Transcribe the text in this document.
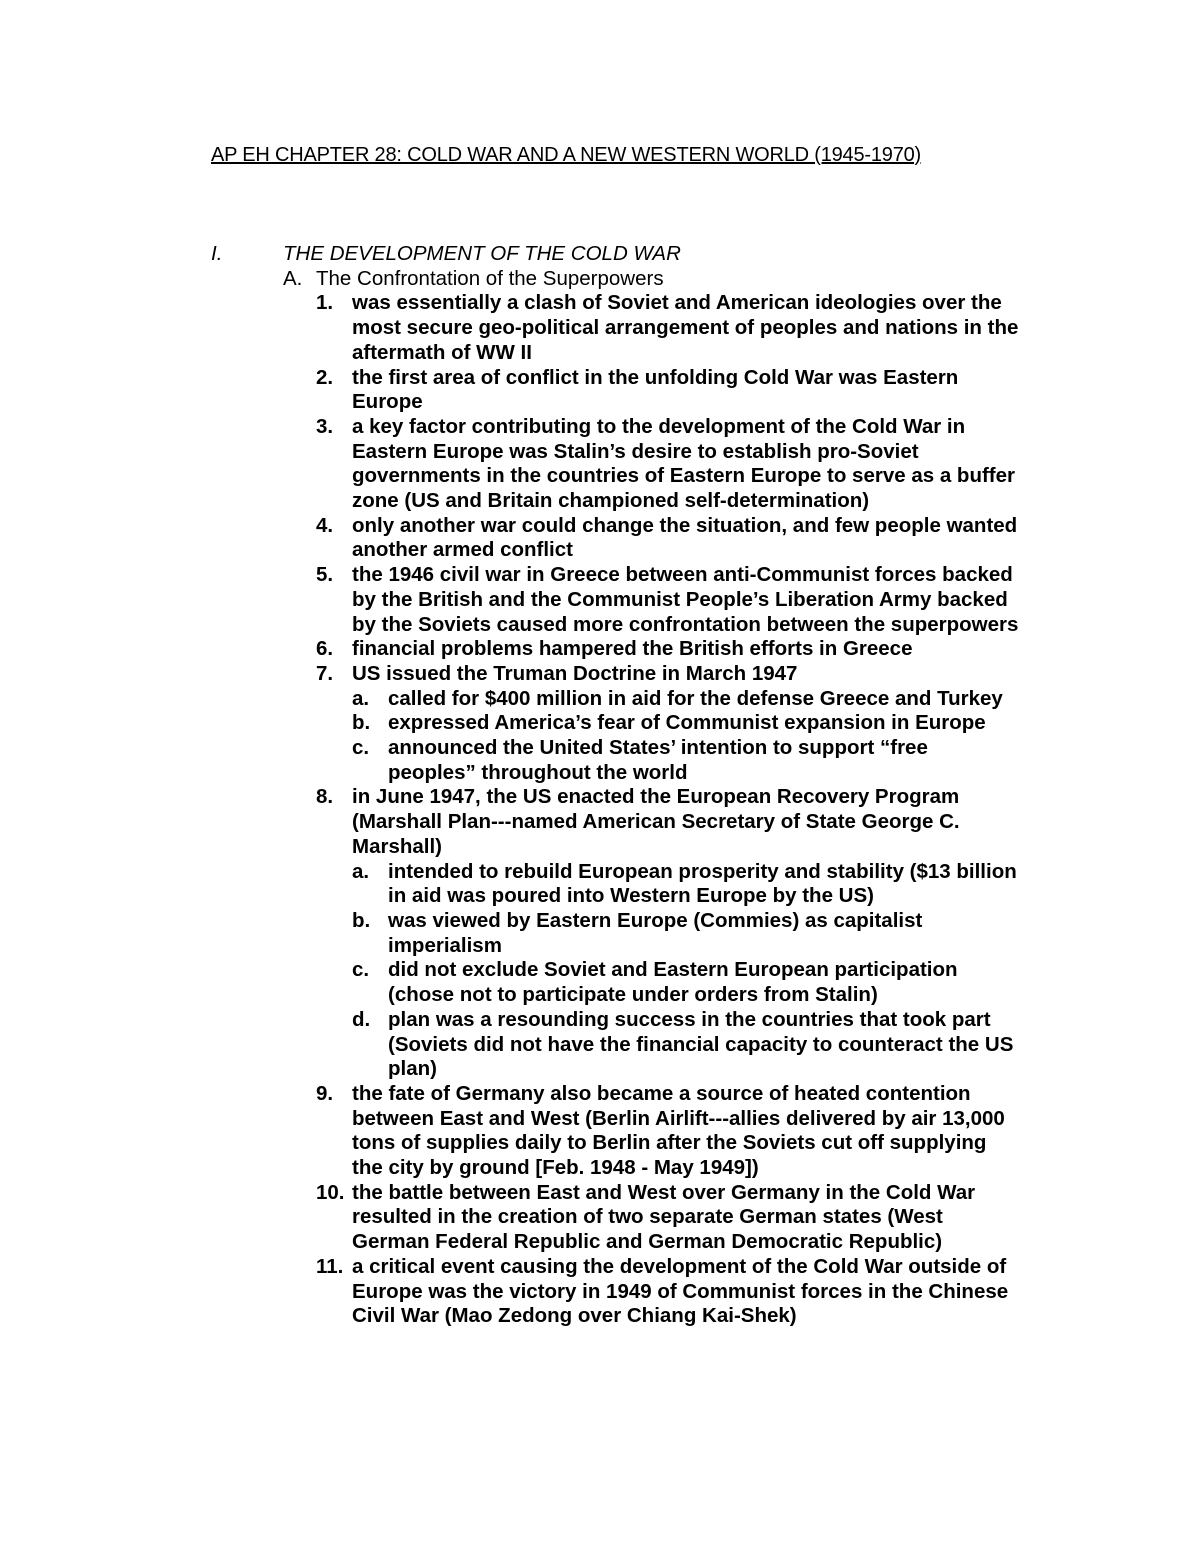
AP EH CHAPTER 28: COLD WAR AND A NEW WESTERN WORLD (1945-1970)
I.	THE DEVELOPMENT OF THE COLD WAR
A. The Confrontation of the Superpowers
1. was essentially a clash of Soviet and American ideologies over the most secure geo-political arrangement of peoples and nations in the aftermath of WW II
2. the first area of conflict in the unfolding Cold War was Eastern Europe
3. a key factor contributing to the development of the Cold War in Eastern Europe was Stalin’s desire to establish pro-Soviet governments in the countries of Eastern Europe to serve as a buffer zone (US and Britain championed self-determination)
4. only another war could change the situation, and few people wanted another armed conflict
5. the 1946 civil war in Greece between anti-Communist forces backed by the British and the Communist People’s Liberation Army backed by the Soviets caused more confrontation between the superpowers
6. financial problems hampered the British efforts in Greece
7. US issued the Truman Doctrine in March 1947
a. called for $400 million in aid for the defense Greece and Turkey
b. expressed America’s fear of Communist expansion in Europe
c. announced the United States’ intention to support “free peoples” throughout the world
8. in June 1947, the US enacted the European Recovery Program (Marshall Plan---named American Secretary of State George C. Marshall)
a. intended to rebuild European prosperity and stability ($13 billion in aid was poured into Western Europe by the US)
b. was viewed by Eastern Europe (Commies) as capitalist imperialism
c. did not exclude Soviet and Eastern European participation (chose not to participate under orders from Stalin)
d. plan was a resounding success in the countries that took part (Soviets did not have the financial capacity to counteract the US plan)
9. the fate of Germany also became a source of heated contention between East and West (Berlin Airlift---allies delivered by air 13,000 tons of supplies daily to Berlin after the Soviets cut off supplying the city by ground [Feb. 1948 - May 1949])
10. the battle between East and West over Germany in the Cold War resulted in the creation of two separate German states (West German Federal Republic and German Democratic Republic)
11. a critical event causing the development of the Cold War outside of Europe was the victory in 1949 of Communist forces in the Chinese Civil War (Mao Zedong over Chiang Kai-Shek)
